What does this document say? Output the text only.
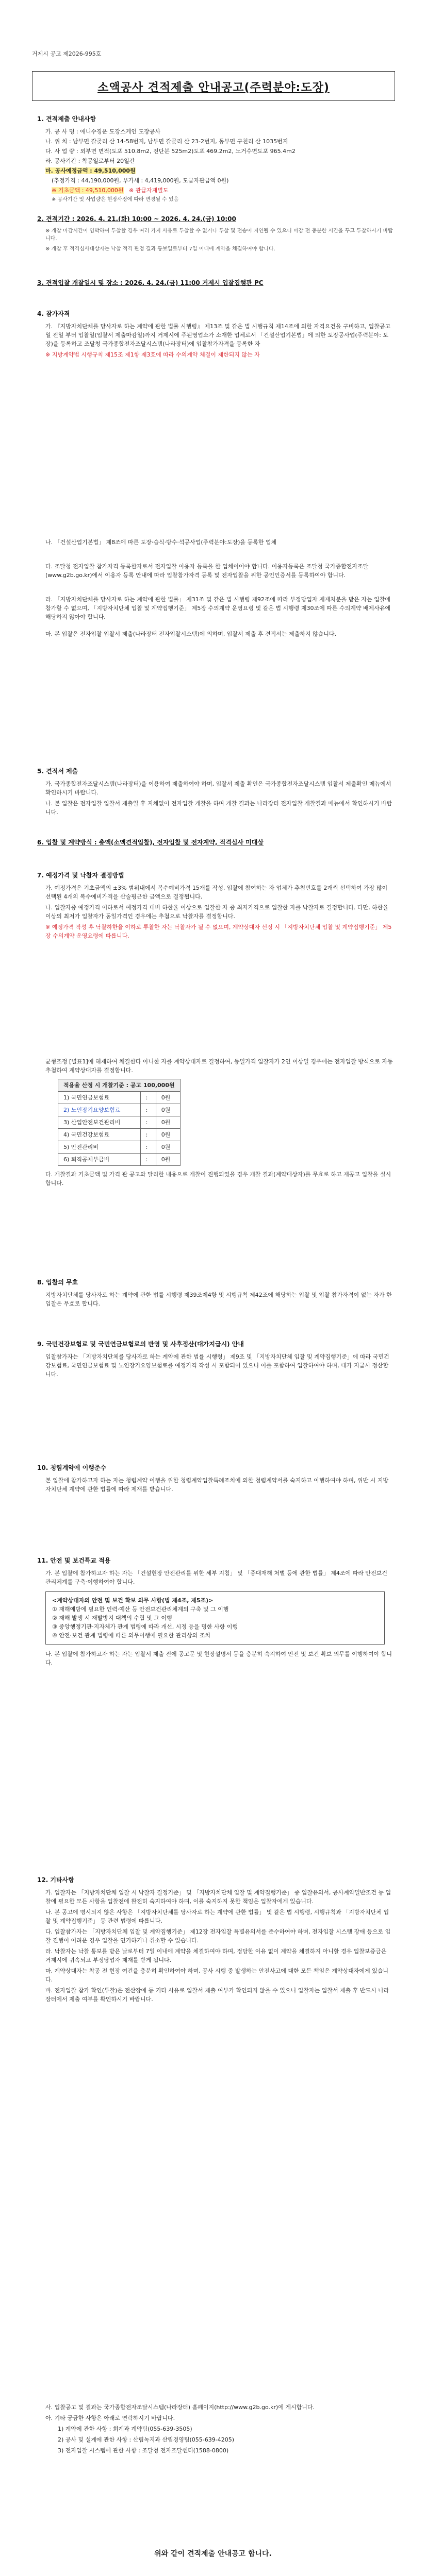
거제시 공고 제2026-995호
소액공사 견적제출 안내공고(주력분야:도장)
1. 견적제출 안내사항
가. 공 사 명 : 애니수징운 도장스케인 도장공사
나. 위 치 : 남부면 갈곶리 산 14-58번지, 남부면 갈곶리 산 23-2번지, 동부면 구천리 산 1035번지
다. 사 업 량 : 외부면 면적(도포 510.8m2, 진단분 525m2)도포 469.2m2, 노거수면도포 965.4m2
라. 공사기간 : 착공일로부터 20일간
마. 공사예정금액 : 49,510,000원
(추정가격 : 44,190,000원, 부가세 : 4,419,000원, 도급자관급액 0원)
※ 기초금액 : 49,510,000원 ※ 관급자재별도
※ 공사기간 및 사업량은 현장사정에 따라 변경될 수 있음
2. 견적기간 : 2026. 4. 21.(화) 10:00 ~ 2026. 4. 24.(금) 10:00
※ 개찰 마감시간이 임박하여 투찰할 경우 여러 가지 사유로 투찰할 수 없거나 투찰 및 전송이 지연될 수 있으니 마감 전 충분한 시간을 두고 투찰하시기 바랍니다.
※ 개찰 후 적격심사대상자는 낙찰 적격 판정 결과 통보일로부터 7일 이내에 계약을 체결하여야 합니다.
3. 견적입찰 개찰일시 및 장소 : 2026. 4. 24.(금) 11:00 거제시 입찰집행관 PC
4. 참가자격
가. 『지방자치단체를 당사자로 하는 계약에 관한 법률 시행령』 제13조 및 같은 법 시행규칙 제14조에 의한 자격요건을 구비하고, 입찰공고일 전일 부터 입찰일(입찰서 제출마감일)까지 거제시에 주된영업소가 소재한 업체로서 「건설산업기본법」에 의한 도장공사업(주력분야: 도장)을 등록하고 조달청 국가종합전자조달시스템(나라장터)에 입찰참가자격을 등록한 자
※ 지방계약법 시행규칙 제15조 제1항 제3호에 따라 수의계약 체결이 제한되지 않는 자
나. 「건설산업기본법」 제8조에 따른 도장·습식·방수·석공사업(주력분야:도장)을 등록한 업체
다. 조달청 전자입찰 참가자격 등록한자로서 전자입찰 이용자 등록을 한 업체이어야 합니다. 이용자등록은 조달청 국가종합전자조달(www.g2b.go.kr)에서 이용자 등록 안내에 따라 입찰참가자격 등록 및 전자입찰을 위한 공인인증서를 등록하여야 합니다.
라. 「지방자치단체를 당사자로 하는 계약에 관한 법률」 제31조 및 같은 법 시행령 제92조에 따라 부정당업자 제재처분을 받은 자는 입찰에 참가할 수 없으며, 「지방자치단체 입찰 및 계약집행기준」 제5장 수의계약 운영요령 및 같은 법 시행령 제30조에 따른 수의계약 배제사유에 해당하지 않아야 합니다.
마. 본 입찰은 전자입찰 입찰서 제출(나라장터 전자입찰시스템)에 의하며, 입찰서 제출 후 견적서는 제출하지 않습니다.
5. 견적서 제출
가. 국가종합전자조달시스템(나라장터)을 이용하여 제출하여야 하며, 입찰서 제출 확인은 국가종합전자조달시스템 입찰서 제출확인 메뉴에서 확인하시기 바랍니다.
나. 본 입찰은 전자입찰 입찰서 제출일 후 지체없이 전자입찰 개찰을 하며 개찰 결과는 나라장터 전자입찰 개찰결과 메뉴에서 확인하시기 바랍니다.
6. 입찰 및 계약방식 : 총액(소액견적입찰), 전자입찰 및 전자계약, 적격심사 미대상
7. 예정가격 및 낙찰자 결정방법
가. 예정가격은 기초금액의 ±3% 범위내에서 복수예비가격 15개를 작성, 입찰에 참여하는 자 업체가 추첨번호를 2개씩 선택하여 가장 많이 선택된 4개의 복수예비가격을 산술평균한 금액으로 결정됩니다.
나. 입찰자중 예정가격 이하로서 예정가격 대비 하한율 이상으로 입찰한 자 중 최저가격으로 입찰한 자를 낙찰자로 결정합니다. 다만, 하한율 이상의 최저가 입찰자가 동일가격인 경우에는 추첨으로 낙찰자를 결정합니다.
※ 예정가격 작성 후 낙찰하한율 이하로 투찰한 자는 낙찰자가 될 수 없으며, 계약상대자 선정 시 「지방자치단체 입찰 및 계약집행기준」 제5장 수의계약 운영요령에 따릅니다.
균형조정 [별표1]에 해제하여 체결한다 아니한 자를 계약상대자로 결정하여, 동일가격 입찰자가 2인 이상일 경우에는 전자입찰 방식으로 자동추첨하여 계약상대자를 결정합니다.
적용율 산정 시 개찰기준 : 공고 100,000원		
1) 국민연금보험료	:	0원
2) 노인장기요양보험료	:	0원
3) 산업안전보건관리비	:	0원
4) 국민건강보험료	:	0원
5) 안전관리비	:	0원
6) 퇴직공제부금비	:	0원
다. 개찰결과 기초금액 및 가격 관 공고와 달리한 내용으로 개찰이 진행되었을 경우 개찰 결과(계약대상자)를 무효로 하고 재공고 입찰을 실시합니다.
8. 입찰의 무효
지방자치단체를 당사자로 하는 계약에 관한 법률 시행령 제39조제4항 및 시행규칙 제42조에 해당하는 입찰 및 입찰 참가자격이 없는 자가 한 입찰은 무효로 합니다.
9. 국민건강보험료 및 국민연금보험료의 반영 및 사후정산(대가지급시) 안내
입찰참가자는 「지방자치단체를 당사자로 하는 계약에 관한 법률 시행령」 제9조 및 「지방자치단체 입찰 및 계약집행기준」에 따라 국민건강보험료, 국민연금보험료 및 노인장기요양보험료를 예정가격 작성 시 포함되어 있으니 이를 포함하여 입찰하여야 하며, 대가 지급시 정산합니다.
10. 청렴계약에 이행준수
본 입찰에 참가하고자 하는 자는 청렴계약 이행을 위한 청렴계약입찰특례조치에 의한 청렴계약서를 숙지하고 이행하여야 하며, 위반 시 지방자치단체 계약에 관한 법률에 따라 제재를 받습니다.
11. 안전 및 보건특교 적용
가. 본 입찰에 참가하고자 하는 자는 「건설현장 안전관리를 위한 세부 지침」 및 「중대재해 처벌 등에 관한 법률」 제4조에 따라 안전보건 관리체계를 구축·이행하여야 합니다.
<계약상대자의 안전 및 보건 확보 의무 사항(법 제4조, 제5조)>
① 재해예방에 필요한 인력·예산 등 안전보건관리체계의 구축 및 그 이행
② 재해 발생 시 재발방지 대책의 수립 및 그 이행
③ 중앙행정기관·지자체가 관계 법령에 따라 개선, 시정 등을 명한 사항 이행
④ 안전·보건 관계 법령에 따른 의무이행에 필요한 관리상의 조치
나. 본 입찰에 참가하고자 하는 자는 입찰서 제출 전에 공고문 및 현장설명서 등을 충분히 숙지하여 안전 및 보건 확보 의무를 이행하여야 합니다.
12. 기타사항
가. 입찰자는 「지방자치단체 입찰 시 낙찰자 결정기준」 및 「지방자치단체 입찰 및 계약집행기준」 중 입찰유의서, 공사계약일반조건 등 입찰에 필요한 모든 사항을 입찰전에 완전히 숙지하여야 하며, 이를 숙지하지 못한 책임은 입찰자에게 있습니다.
나. 본 공고에 명시되지 않은 사항은 「지방자치단체를 당사자로 하는 계약에 관한 법률」 및 같은 법 시행령, 시행규칙과 「지방자치단체 입찰 및 계약집행기준」 등 관련 법령에 따릅니다.
다. 입찰참가자는 「지방자치단체 입찰 및 계약집행기준」 제12장 전자입찰 특별유의서를 준수하여야 하며, 전자입찰 시스템 장애 등으로 입찰 진행이 어려운 경우 입찰을 연기하거나 취소할 수 있습니다.
라. 낙찰자는 낙찰 통보를 받은 날로부터 7일 이내에 계약을 체결하여야 하며, 정당한 이유 없이 계약을 체결하지 아니할 경우 입찰보증금은 거제시에 귀속되고 부정당업자 제재를 받게 됩니다.
마. 계약상대자는 착공 전 현장 여건을 충분히 확인하여야 하며, 공사 시행 중 발생하는 안전사고에 대한 모든 책임은 계약상대자에게 있습니다.
바. 전자입찰 참가 확인(투찰)은 전산장애 등 기타 사유로 입찰서 제출 여부가 확인되지 않을 수 있으니 입찰자는 입찰서 제출 후 반드시 나라장터에서 제출 여부를 확인하시기 바랍니다.
사. 입찰공고 및 결과는 국가종합전자조달시스템(나라장터) 홈페이지(http://www.g2b.go.kr)에 게시합니다.
아. 기타 궁금한 사항은 아래로 연락하시기 바랍니다.
1) 계약에 관한 사항 : 회계과 계약팀(055-639-3505)
2) 공사 및 설계에 관한 사항 : 산림녹지과 산림경영팀(055-639-4205)
3) 전자입찰 시스템에 관한 사항 : 조달청 전자조달센터(1588-0800)
위와 같이 견적제출 안내공고 합니다.
